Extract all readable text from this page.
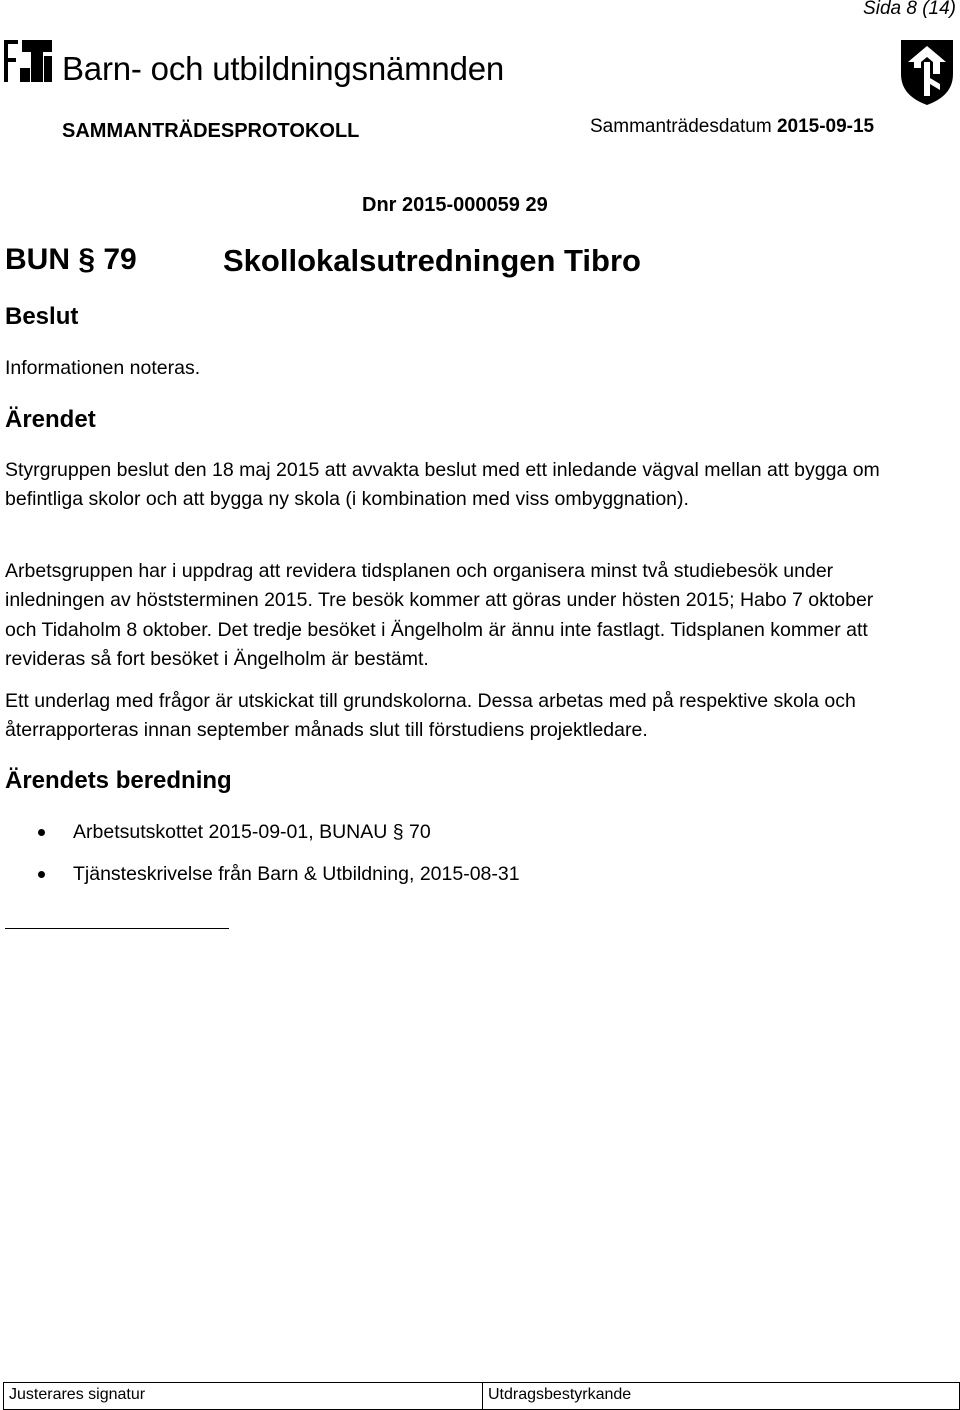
Sida 8 (14)
Barn- och utbildningsnämnden
SAMMANTRÄDESPROTOKOLL	Sammanträdesdatum 2015-09-15
Dnr 2015-000059 29
BUN § 79	Skollokalsutredningen Tibro
Beslut
Informationen noteras.
Ärendet
Styrgruppen beslut den 18 maj 2015 att avvakta beslut med ett inledande vägval mellan att bygga om befintliga skolor och att bygga ny skola (i kombination med viss ombyggnation).
Arbetsgruppen har i uppdrag att revidera tidsplanen och organisera minst två studiebesök under inledningen av höststerminen 2015. Tre besök kommer att göras under hösten 2015; Habo 7 oktober och Tidaholm 8 oktober. Det tredje besöket i Ängelholm är ännu inte fastlagt. Tidsplanen kommer att revideras så fort besöket i Ängelholm är bestämt.
Ett underlag med frågor är utskickat till grundskolorna. Dessa arbetas med på respektive skola och återrapporteras innan september månads slut till förstudiens projektledare.
Ärendets beredning
Arbetsutskottet 2015-09-01, BUNAU § 70
Tjänsteskrivelse från Barn & Utbildning, 2015-08-31
Justerares signatur	Utdragsbestyrkande
